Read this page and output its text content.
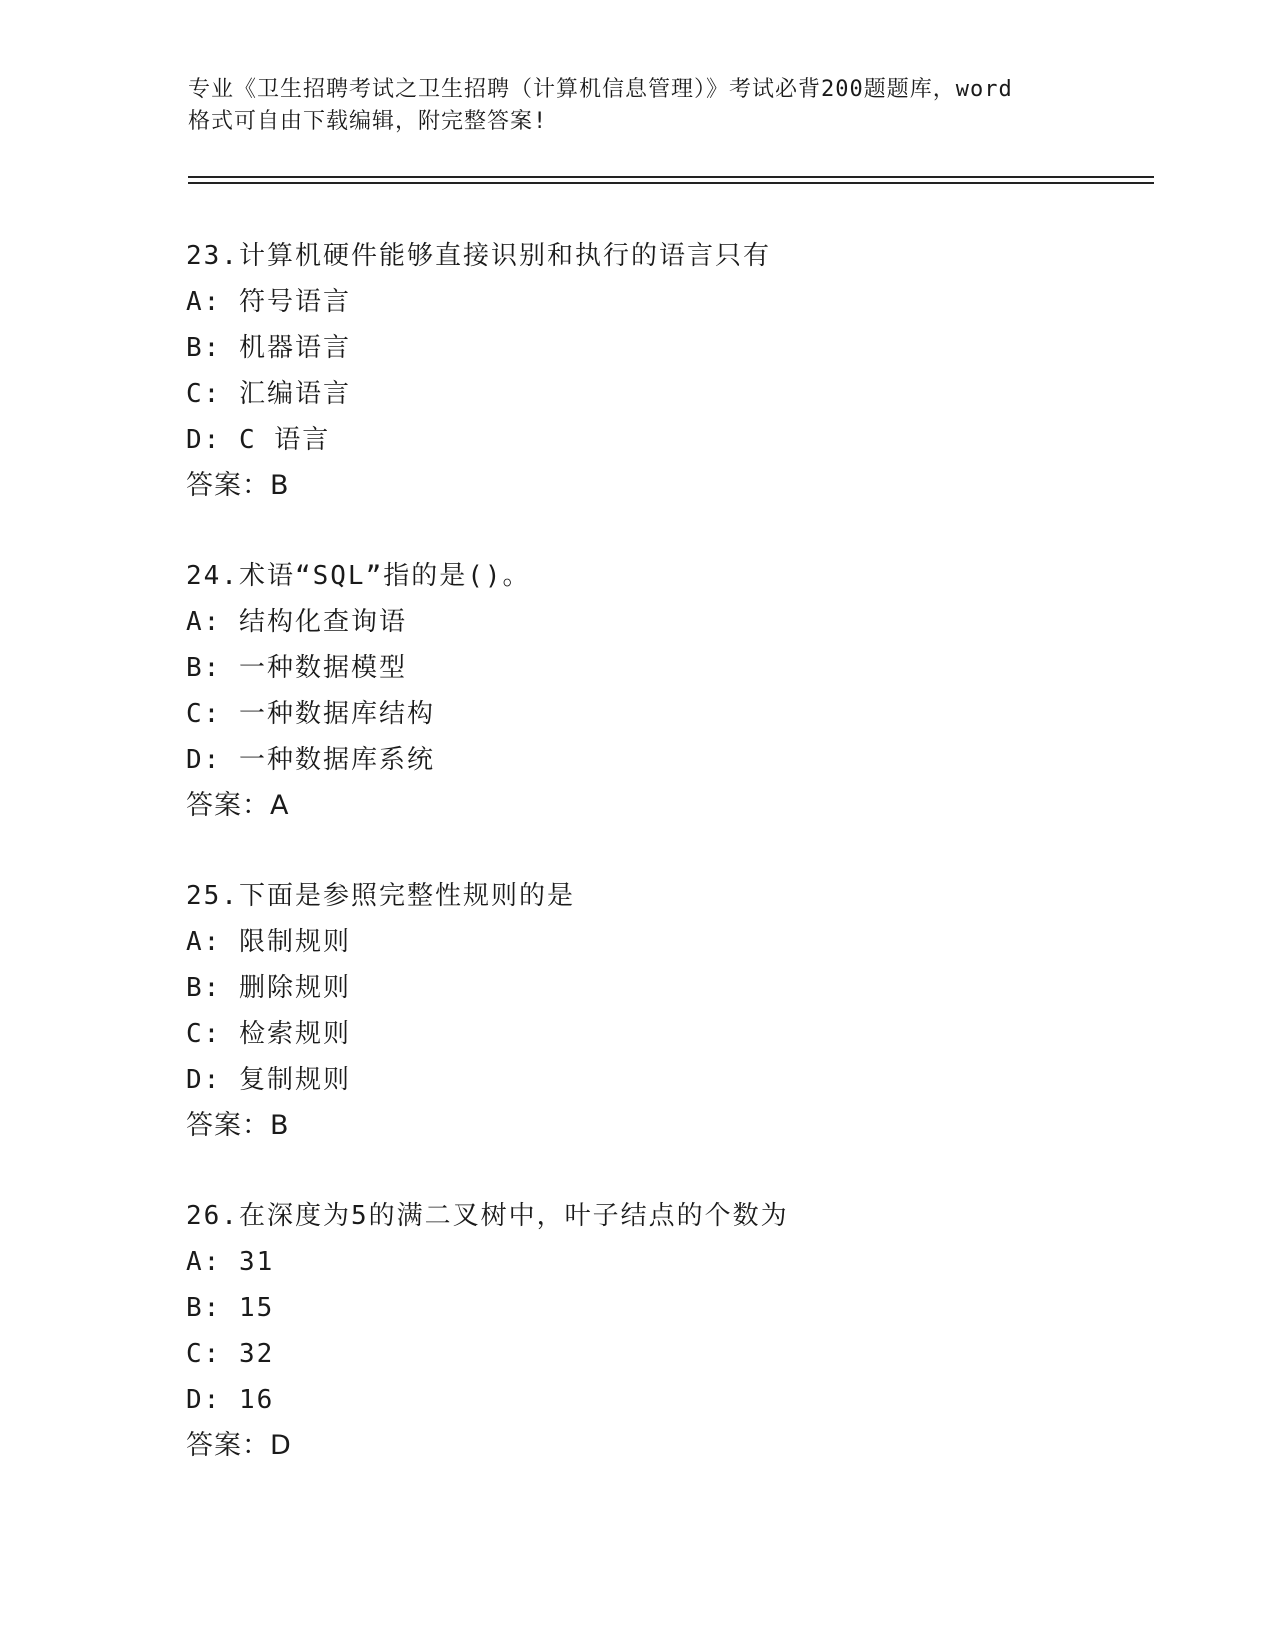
专业《卫生招聘考试之卫生招聘（计算机信息管理）》考试必背200题题库，word
格式可自由下载编辑，附完整答案!
23.计算机硬件能够直接识别和执行的语言只有
A: 符号语言
B: 机器语言
C: 汇编语言
D: C 语言
答案：B
24.术语“SQL”指的是()。
A: 结构化查询语
B: 一种数据模型
C: 一种数据库结构
D: 一种数据库系统
答案：A
25.下面是参照完整性规则的是
A: 限制规则
B: 删除规则
C: 检索规则
D: 复制规则
答案：B
26.在深度为5的满二叉树中，叶子结点的个数为
A: 31
B: 15
C: 32
D: 16
答案：D
